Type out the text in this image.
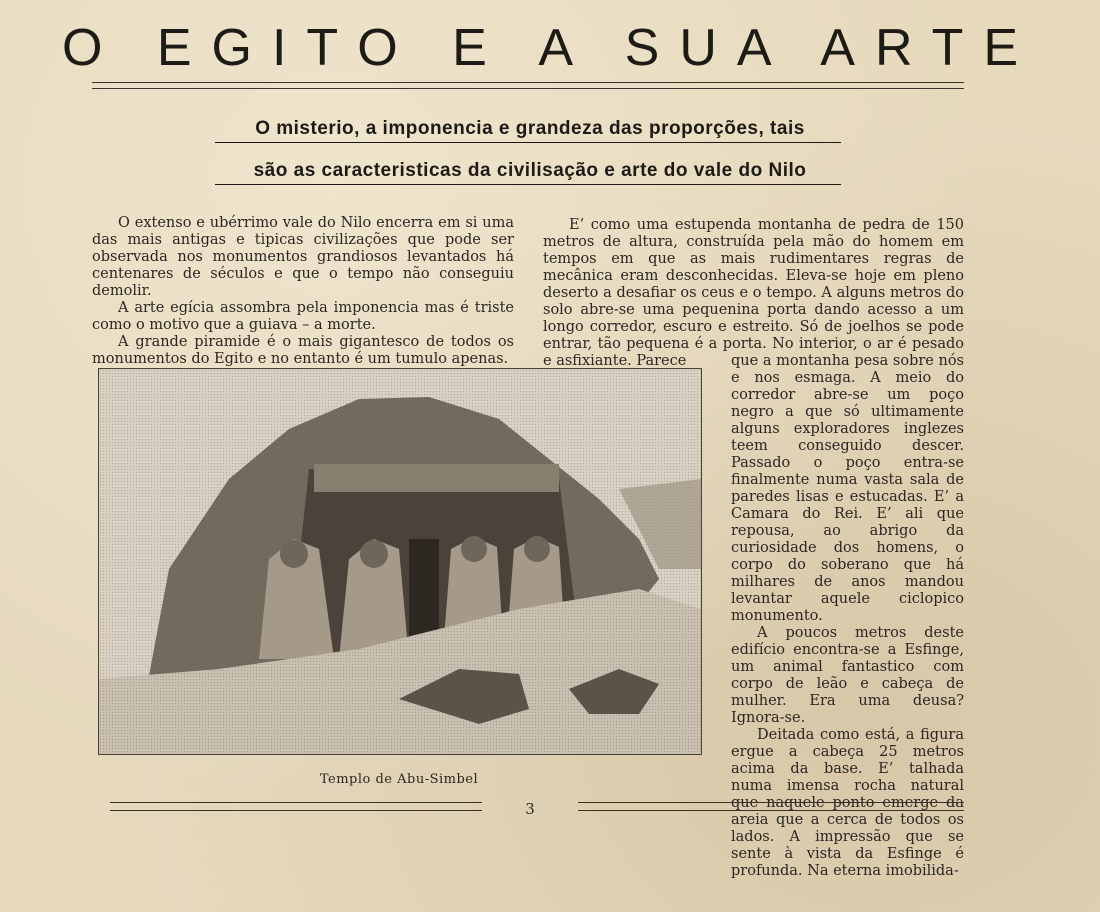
O EGITO E A SUA ARTE
O misterio, a imponencia e grandeza das proporções, tais
são as caracteristicas da civilisação e arte do vale do Nilo

O extenso e ubérrimo vale do Nilo encerra em si uma das mais antigas e tipicas civilizações que pode ser observada nos monumentos grandiosos levantados há centenares de séculos e que o tempo não conseguiu demolir.

A arte egícia assombra pela imponencia mas é triste como o motivo que a guiava – a morte.

A grande piramide é o mais gigantesco de todos os monumentos do Egito e no entanto é um tumulo apenas.

E’ como uma estupenda montanha de pedra de 150 metros de altura, construída pela mão do homem em tempos em que as mais rudimentares regras de mecânica eram desconhecidas. Eleva-se hoje em pleno deserto a desafiar os ceus e o tempo. A alguns metros do solo abre-se uma pequenina porta dando acesso a um longo corredor, escuro e estreito. Só de joelhos se pode entrar, tão pequena é a porta. No interior, o ar é pesado e asfixiante. Parece	que a montanha pesa sobre nós e nos esmaga. A meio do corredor abre-se um poço negro a que só ultimamente alguns exploradores inglezes teem conseguido descer. Passado o poço entra-se finalmente numa vasta sala de paredes lisas e estucadas. E’ a Camara do Rei. E’ ali que repousa, ao abrigo da curiosidade dos homens, o corpo do soberano que há milhares de anos mandou levantar aquele ciclopico monumento.

A poucos metros deste edifício encontra-se a Esfinge, um animal fantastico com corpo de leão e cabeça de mulher. Era uma deusa? Ignora-se.

Deitada como está, a figura ergue a cabeça 25 metros acima da base. E’ talhada numa imensa rocha natural que naquele ponto emerge da areia que a cerca de todos os lados. A impressão que se sente à vista da Esfinge é profunda. Na eterna imobilida-

Templo de Abu-Simbel
3
